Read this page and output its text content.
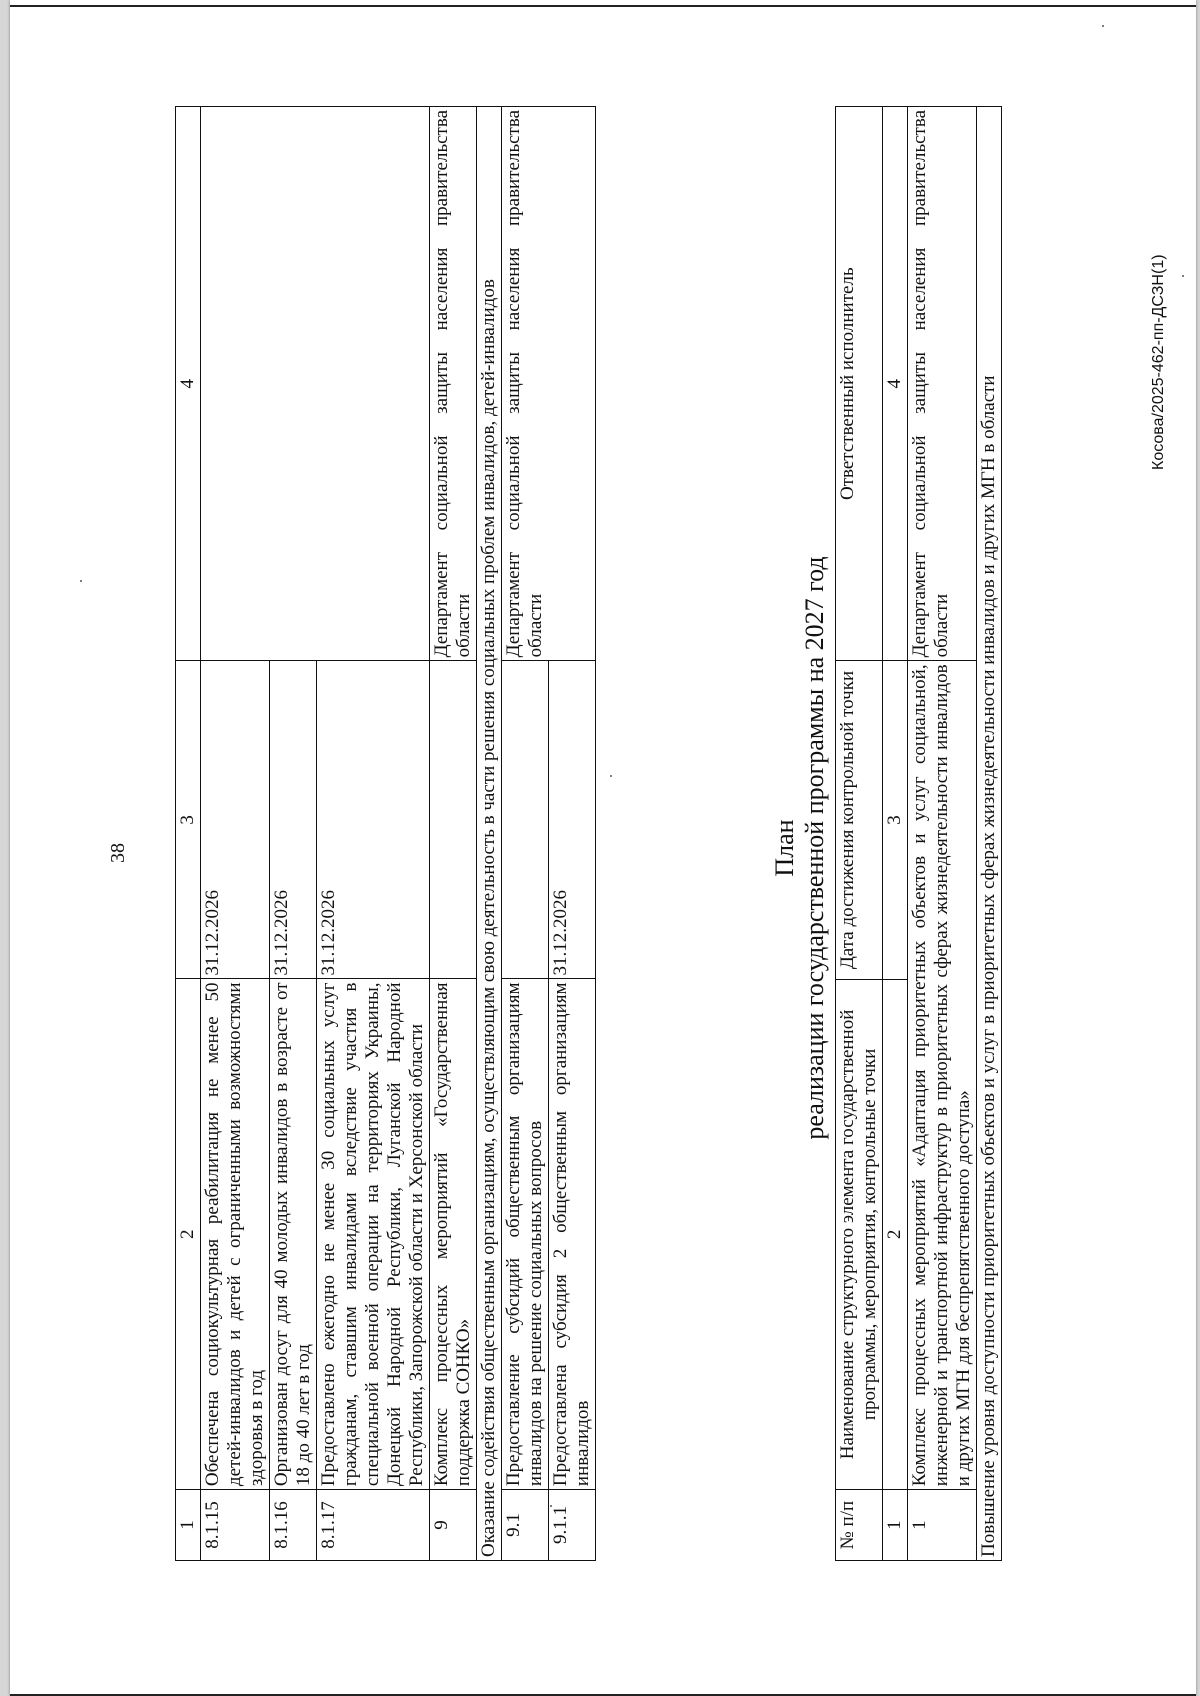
38
1	2	3	4
8.1.15	Обеспечена социокультурная реабилитация не менее 50 детей-инвалидов и детей с ограниченными возможностями здоровья в год	31.12.2026	
8.1.16	Организован досуг для 40 молодых инвалидов в возрасте от 18 до 40 лет в год	31.12.2026	
8.1.17	Предоставлено ежегодно не менее 30 социальных услуг гражданам, ставшим инвалидами вследствие участия в специальной военной операции на территориях Украины, Донецкой Народной Республики, Луганской Народной Республики, Запорожской области и Херсонской области	31.12.2026	
9	Комплекс процессных мероприятий «Государственная поддержка СОНКО»		Департамент социальной защиты населения правительства области
Оказание содействия общественным организациям, осуществляющим свою деятельность в части решения социальных проблем инвалидов, детей-инвалидов			
9.1	Предоставление субсидий общественным организациям инвалидов на решение социальных вопросов		Департамент социальной защиты населения правительства области
9.1.1	Предоставлена субсидия 2 общественным организациям инвалидов	31.12.2026	
План реализации государственной программы на 2027 год
№ п/п	Наименование структурного элемента государственной программы, мероприятия, контрольные точки	Дата достижения контрольной точки	Ответственный исполнитель
1	2	3	4
1	Комплекс процессных мероприятий «Адаптация приоритетных объектов и услуг социальной, инженерной и транспортной инфраструктур в приоритетных сферах жизнедеятельности инвалидов и других МГН для беспрепятственного доступа»		Департамент социальной защиты населения правительства области
Повышение уровня доступности приоритетных объектов и услуг в приоритетных сферах жизнедеятельности инвалидов и других МГН в области			
Косова/2025-462-пп-ДСЗН(1)
